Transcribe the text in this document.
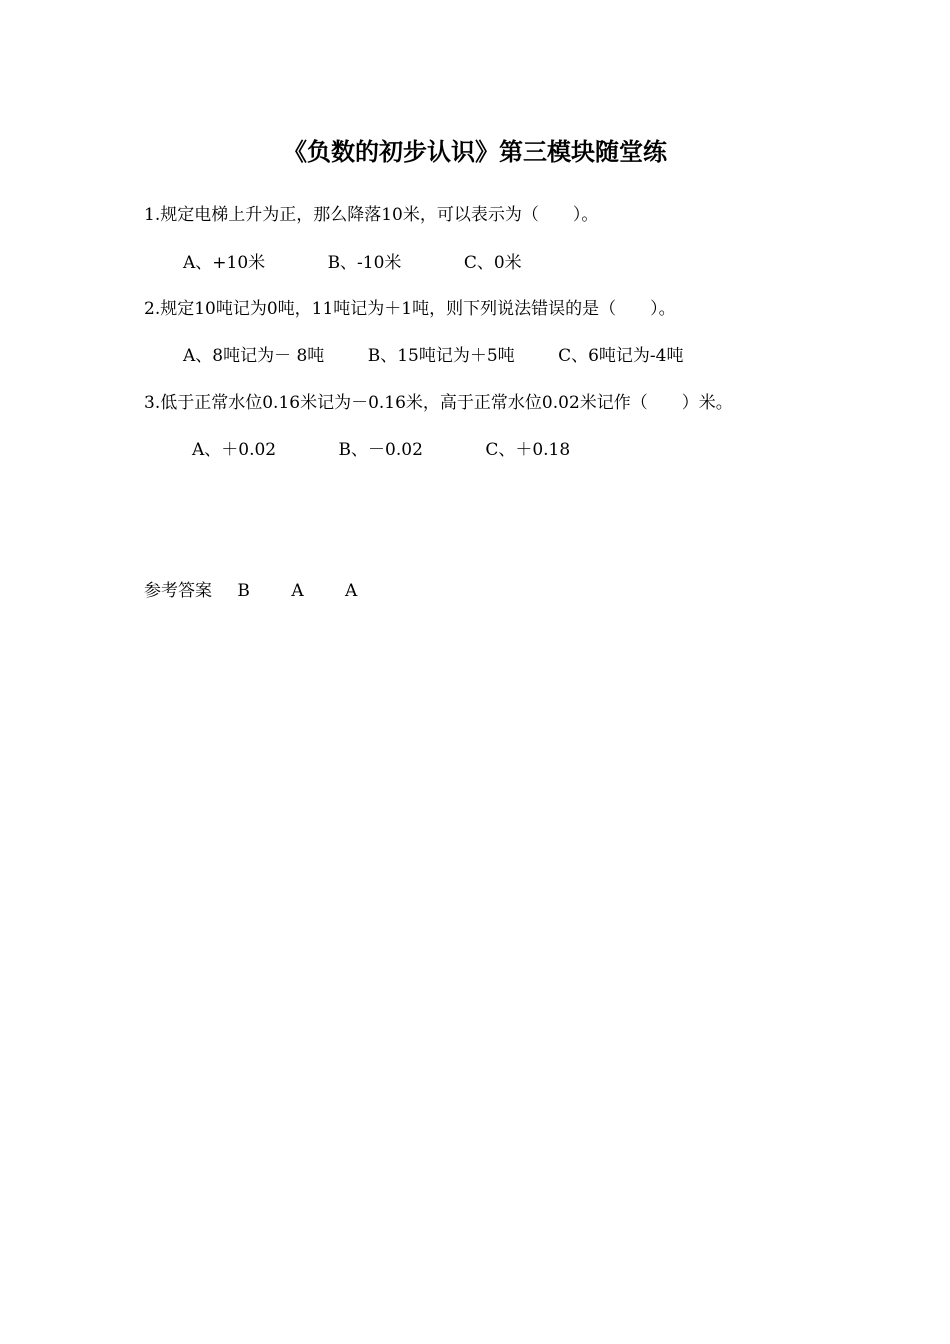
《负数的初步认识》第三模块随堂练
1.规定电梯上升为正，那么降落10米，可以表示为（　　）。
A、+10米	B、-10米	C、0米
2.规定10吨记为0吨，11吨记为＋1吨，则下列说法错误的是（　　）。
A、8吨记为－ 8吨	B、15吨记为＋5吨	C、6吨记为-4吨
3.低于正常水位0.16米记为－0.16米，高于正常水位0.02米记作（　　）米。
A、＋0.02	B、－0.02	C、＋0.18
参考答案 B A A
